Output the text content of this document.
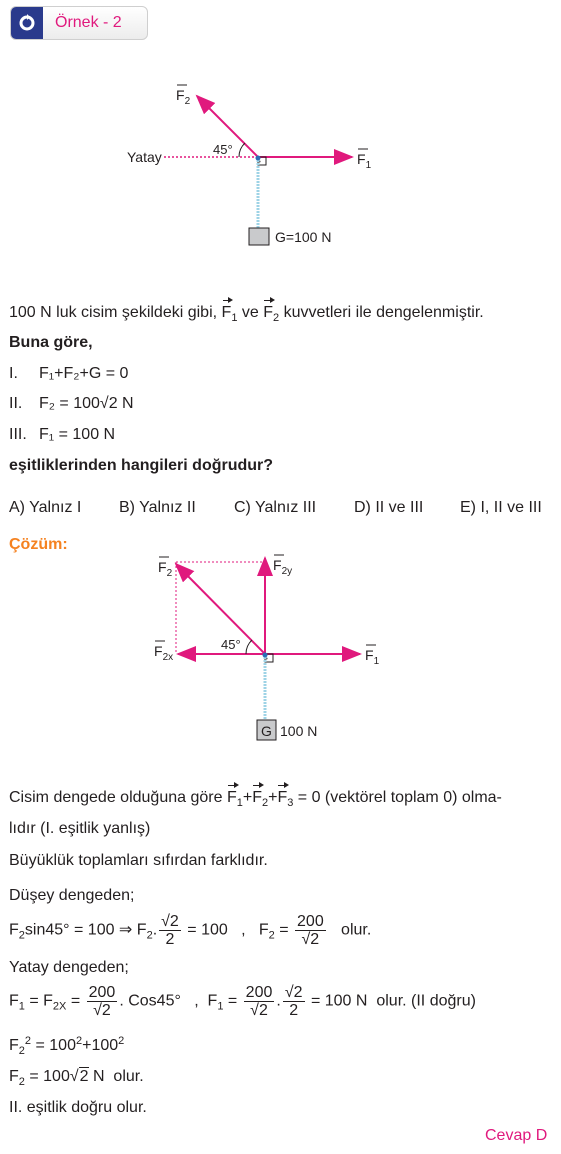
Örnek - 2
$F_2$
$F_1$
Yatay	45°
G=100 N
100 N luk cisim şekildeki gibi, $F_1$ ve $F_2$ kuvvetleri ile dengelenmiştir.
Buna göre,
I. F₁+F₂+G = 0
II. F₂ = 100√2 N
III. F₁ = 100 N
eşitliklerinden hangileri doğrudur?
A) Yalnız I B) Yalnız II C) Yalnız III D) II ve III E) I, II ve III
Çözüm:
$F_2$
$F_{2y}$
$F_{2x}$	$F_1$
45°
G 100 N
Cisim dengede olduğuna göre $F_1+F_2+F_3 = 0$ (vektörel toplam 0) olma-
lıdır (I. eşitlik yanlış)
Büyüklük toplamları sıfırdan farklıdır.
Düşey dengeden;
$F_2\sin 45^\circ = 100$ ⇒ $F_2$. $\frac{√2}{2} = 100$   ,   $F_2 = \frac{200}{√2}$ olur.
Yatay dengeden;
$F_1 = F_{2X} = \frac{200}{√2}$ . Cos45°   ,  $F_1 = \frac{200}{√2}$ . $\frac{√2}{2} = 100$ N  olur. (II doğru)
$F_2^2 = 100^2+100^2$
$F_2 = 100√2$ N  olur.
II. eşitlik doğru olur.
Cevap D
